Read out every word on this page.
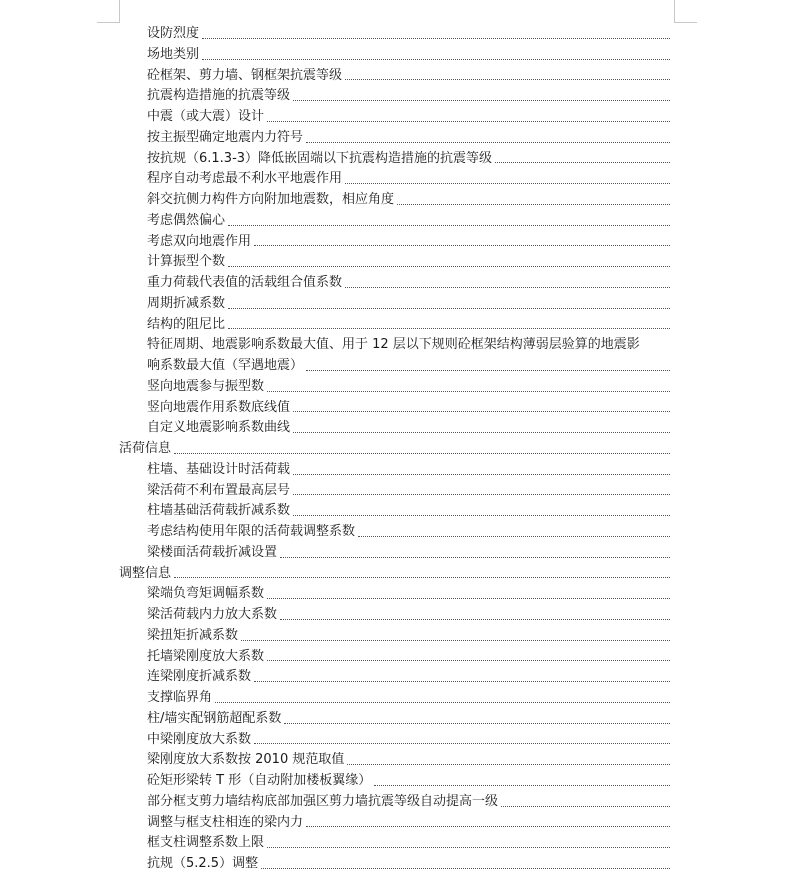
设防烈度
场地类别
砼框架、剪力墙、钢框架抗震等级
抗震构造措施的抗震等级
中震（或大震）设计
按主振型确定地震内力符号
按抗规（6.1.3-3）降低嵌固端以下抗震构造措施的抗震等级
程序自动考虑最不利水平地震作用
斜交抗侧力构件方向附加地震数，相应角度
考虑偶然偏心
考虑双向地震作用
计算振型个数
重力荷载代表值的活载组合值系数
周期折减系数
结构的阻尼比
特征周期、地震影响系数最大值、用于 12 层以下规则砼框架结构薄弱层验算的地震影
响系数最大值（罕遇地震）
竖向地震参与振型数
竖向地震作用系数底线值
自定义地震影响系数曲线
活荷信息
柱墙、基础设计时活荷载
梁活荷不利布置最高层号
柱墙基础活荷载折减系数
考虑结构使用年限的活荷载调整系数
梁楼面活荷载折减设置
调整信息
梁端负弯矩调幅系数
梁活荷载内力放大系数
梁扭矩折减系数
托墙梁刚度放大系数
连梁刚度折减系数
支撑临界角
柱/墙实配钢筋超配系数
中梁刚度放大系数
梁刚度放大系数按 2010 规范取值
砼矩形梁转 T 形（自动附加楼板翼缘）
部分框支剪力墙结构底部加强区剪力墙抗震等级自动提高一级
调整与框支柱相连的梁内力
框支柱调整系数上限
抗规（5.2.5）调整
